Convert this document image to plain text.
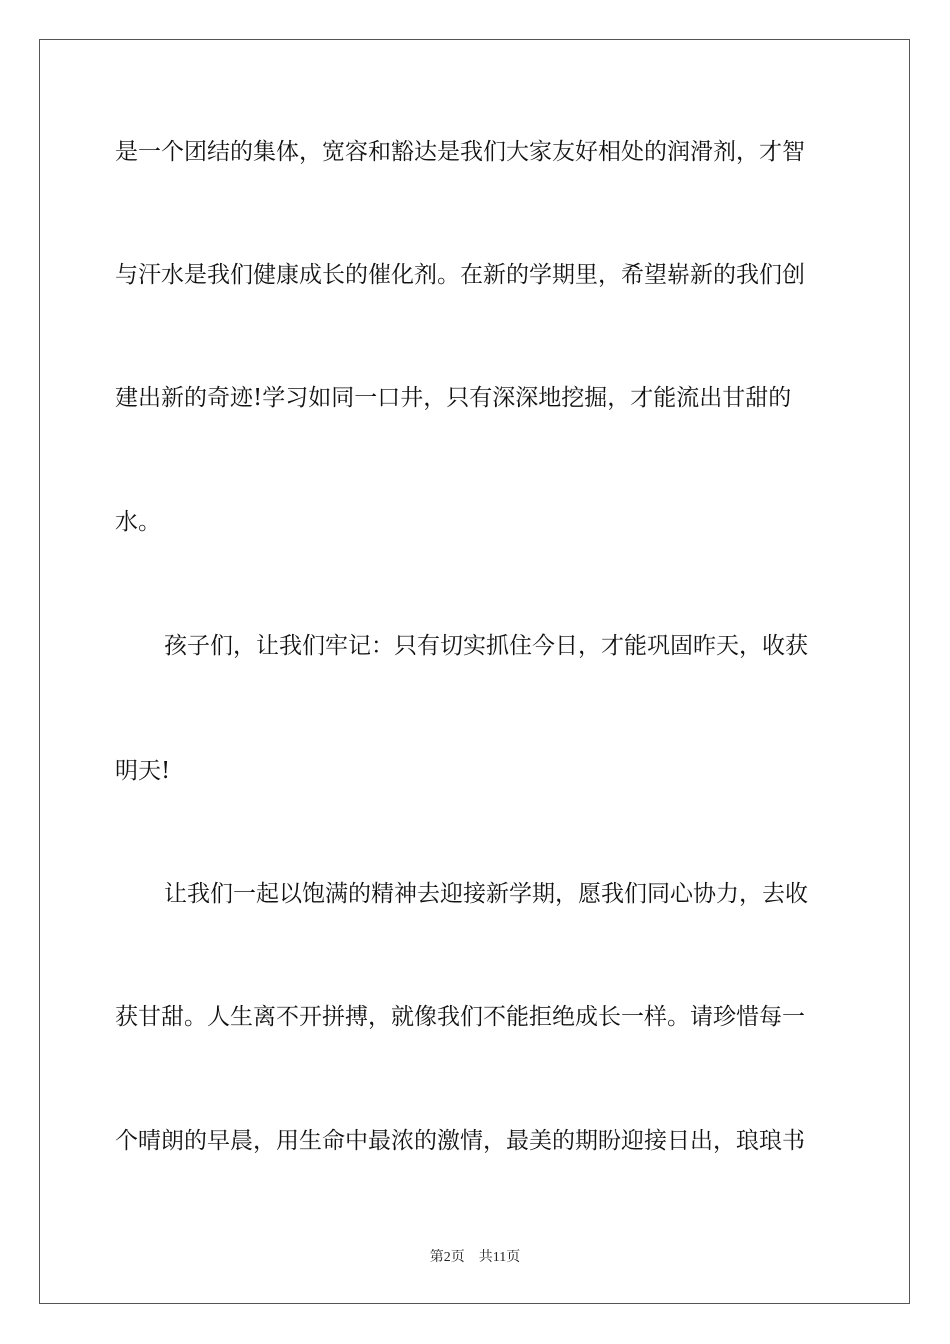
是一个团结的集体，宽容和豁达是我们大家友好相处的润滑剂，才智
与汗水是我们健康成长的催化剂。在新的学期里，希望崭新的我们创
建出新的奇迹!学习如同一口井，只有深深地挖掘，才能流出甘甜的
水。
孩子们，让我们牢记：只有切实抓住今日，才能巩固昨天，收获
明天!
让我们一起以饱满的精神去迎接新学期，愿我们同心协力，去收
获甘甜。人生离不开拼搏，就像我们不能拒绝成长一样。请珍惜每一
个晴朗的早晨，用生命中最浓的激情，最美的期盼迎接日出，琅琅书
第2页 共11页
